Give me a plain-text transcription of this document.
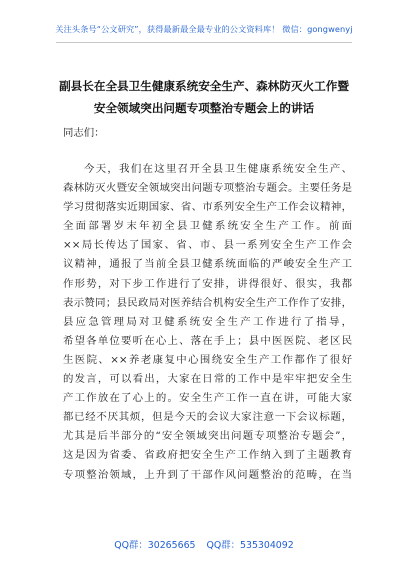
关注头条号“公文研究”，获得最新最全最专业的公文资料库！ 微信：gongwenyj
副县长在全县卫生健康系统安全生产、森林防灭火工作暨
安全领域突出问题专项整治专题会上的讲话
同志们：
今天，我们在这里召开全县卫生健康系统安全生产、
森林防灭火暨安全领域突出问题专项整治专题会。主要任务是
学习贯彻落实近期国家、省、市系列安全生产工作会议精神，
全面部署岁末年初全县卫健系统安全生产工作。前面
××局长传达了国家、省、市、县一系列安全生产工作会
议精神，通报了当前全县卫健系统面临的严峻安全生产工
作形势，对下步工作进行了安排，讲得很好、很实，我都
表示赞同；县民政局对医养结合机构安全生产工作作了安排，
县应急管理局对卫健系统安全生产工作进行了指导，
希望各单位要听在心上、落在手上；县中医医院、老区民
生医院、××养老康复中心围绕安全生产工作都作了很好
的发言，可以看出，大家在日常的工作中是牢牢把安全生
产工作放在了心上的。安全生产工作一直在讲，可能大家
都已经不厌其烦，但是今天的会议大家注意一下会议标题，
尤其是后半部分的“安全领域突出问题专项整治专题会”，
这是因为省委、省政府把安全生产工作纳入到了主题教育
专项整治领域，上升到了干部作风问题整治的范畴，在当
QQ群：30265665 QQ群：535304092
